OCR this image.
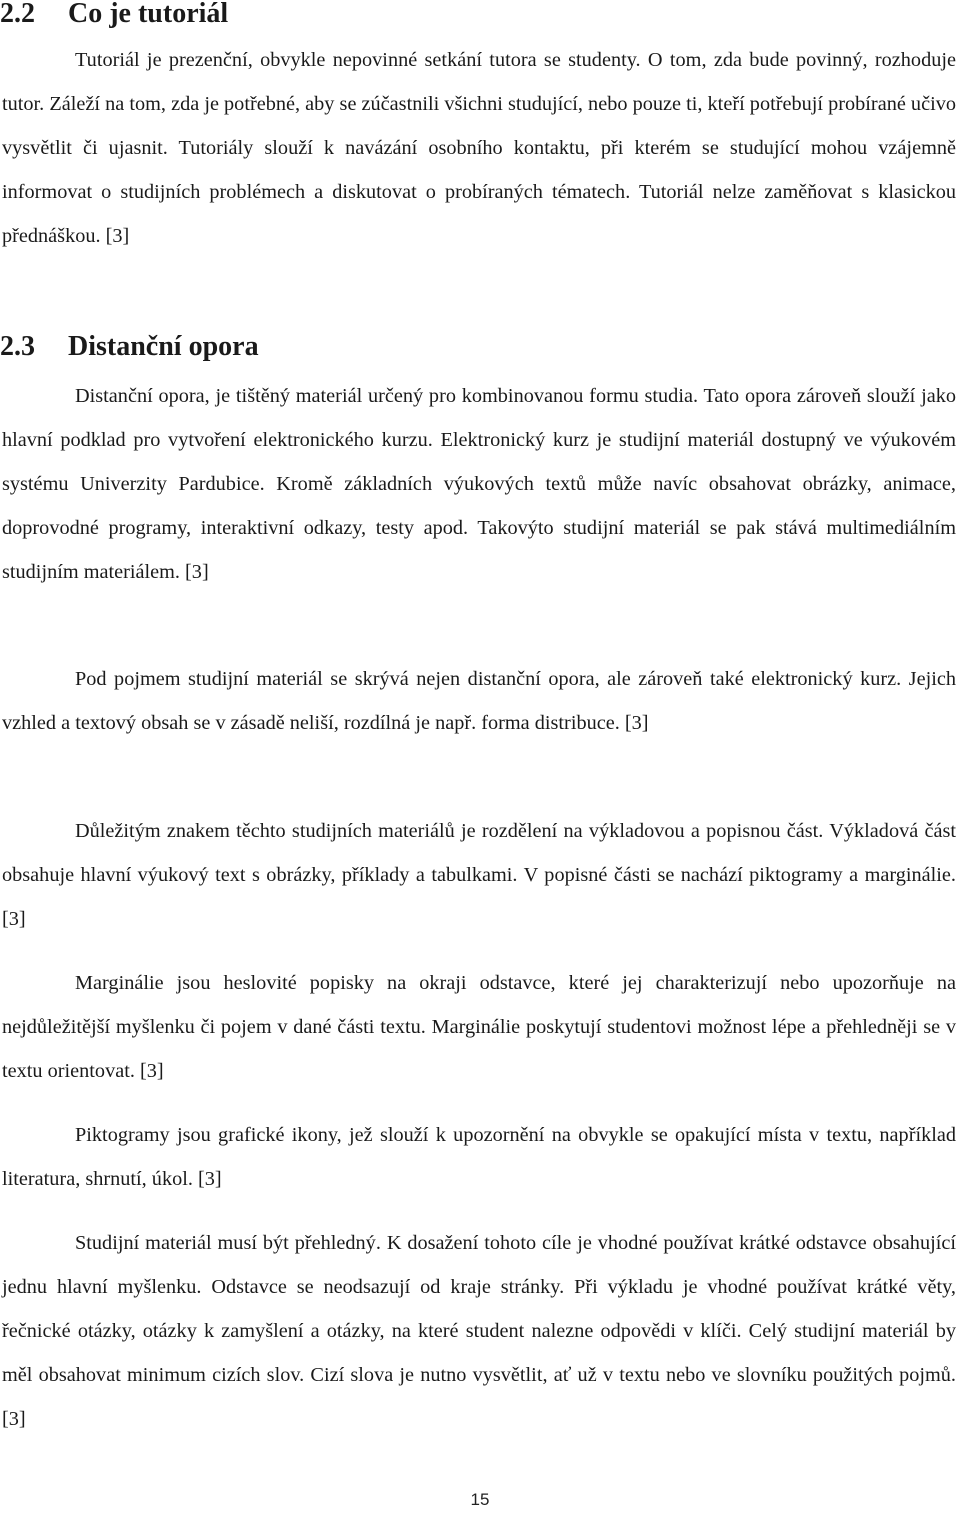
2.2 Co je tutoriál

Tutoriál je prezenční, obvykle nepovinné setkání tutora se studenty. O tom, zda bude povinný, rozhoduje tutor. Záleží na tom, zda je potřebné, aby se zúčastnili všichni studující, nebo pouze ti, kteří potřebují probírané učivo vysvětlit či ujasnit. Tutoriály slouží k navázání osobního kontaktu, při kterém se studující mohou vzájemně informovat o studijních problémech a diskutovat o probíraných tématech. Tutoriál nelze zaměňovat s klasickou přednáškou. [3]

2.3 Distanční opora

Distanční opora, je tištěný materiál určený pro kombinovanou formu studia. Tato opora zároveň slouží jako hlavní podklad pro vytvoření elektronického kurzu. Elektronický kurz je studijní materiál dostupný ve výukovém systému Univerzity Pardubice. Kromě základních výukových textů může navíc obsahovat obrázky, animace, doprovodné programy, interaktivní odkazy, testy apod. Takovýto studijní materiál se pak stává multimediálním studijním materiálem. [3]

Pod pojmem studijní materiál se skrývá nejen distanční opora, ale zároveň také elektronický kurz. Jejich vzhled a textový obsah se v zásadě neliší, rozdílná je např. forma distribuce. [3]

Důležitým znakem těchto studijních materiálů je rozdělení na výkladovou a popisnou část. Výkladová část obsahuje hlavní výukový text s obrázky, příklady a tabulkami. V popisné části se nachází piktogramy a marginálie. [3]

Marginálie jsou heslovité popisky na okraji odstavce, které jej charakterizují nebo upozorňuje na nejdůležitější myšlenku či pojem v dané části textu. Marginálie poskytují studentovi možnost lépe a přehledněji se v textu orientovat. [3]

Piktogramy jsou grafické ikony, jež slouží k upozornění na obvykle se opakující místa v textu, například literatura, shrnutí, úkol. [3]

Studijní materiál musí být přehledný. K dosažení tohoto cíle je vhodné používat krátké odstavce obsahující jednu hlavní myšlenku. Odstavce se neodsazují od kraje stránky. Při výkladu je vhodné používat krátké věty, řečnické otázky, otázky k zamyšlení a otázky, na které student nalezne odpovědi v klíči. Celý studijní materiál by měl obsahovat minimum cizích slov. Cizí slova je nutno vysvětlit, ať už v textu nebo ve slovníku použitých pojmů. [3]

15
